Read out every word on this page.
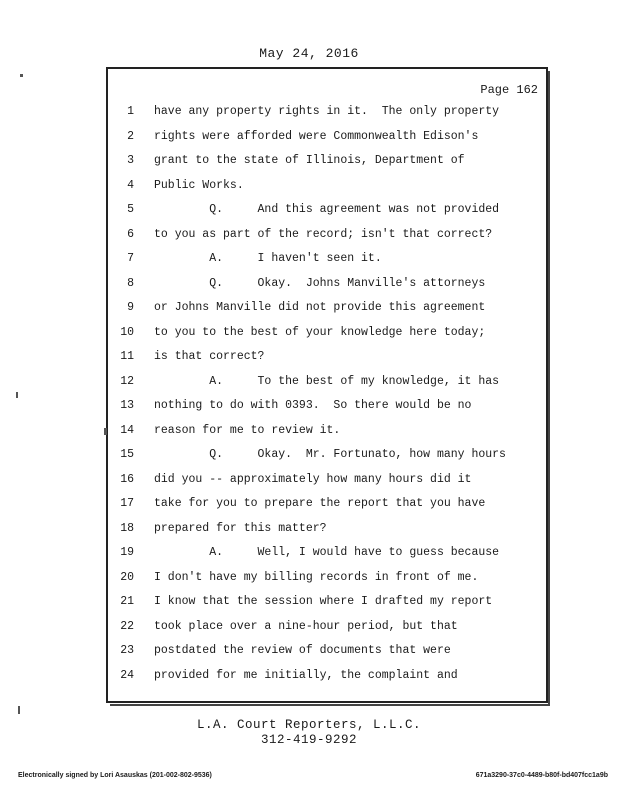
May 24, 2016
Page 162
1 have any property rights in it.  The only property
2 rights were afforded were Commonwealth Edison's
3 grant to the state of Illinois, Department of
4 Public Works.
5 Q.     And this agreement was not provided
6 to you as part of the record; isn't that correct?
7 A.     I haven't seen it.
8 Q.     Okay.  Johns Manville's attorneys
9 or Johns Manville did not provide this agreement
10 to you to the best of your knowledge here today;
11 is that correct?
12 A.     To the best of my knowledge, it has
13 nothing to do with 0393.  So there would be no
14 reason for me to review it.
15 Q.     Okay.  Mr. Fortunato, how many hours
16 did you -- approximately how many hours did it
17 take for you to prepare the report that you have
18 prepared for this matter?
19 A.     Well, I would have to guess because
20 I don't have my billing records in front of me.
21 I know that the session where I drafted my report
22 took place over a nine-hour period, but that
23 postdated the review of documents that were
24 provided for me initially, the complaint and
L.A. Court Reporters, L.L.C.
312-419-9292
Electronically signed by Lori Asauskas (201-002-802-9536)	671a3290-37c0-4489-b80f-bd407fcc1a9b
